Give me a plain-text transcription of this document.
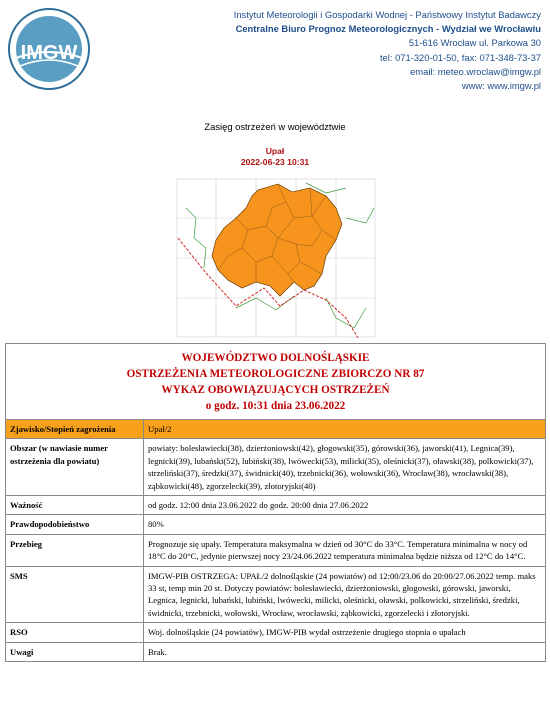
IMGW
Instytut Meteorologii i Gospodarki Wodnej - Państwowy Instytut Badawczy
Centralne Biuro Prognoz Meteorologicznych - Wydział we Wrocławiu
51-616 Wrocław ul. Parkowa 30
tel: 071-320-01-50, fax: 071-348-73-37
email: meteo.wroclaw@imgw.pl
www: www.imgw.pl
Zasięg ostrzeżeń w województwie
Upał
2022-06-23 10:31
WOJEWÓDZTWO DOLNOŚLĄSKIE
OSTRZEŻENIA METEOROLOGICZNE ZBIORCZO NR 87
WYKAZ OBOWIĄZUJĄCYCH OSTRZEŻEŃ
o godz. 10:31 dnia 23.06.2022
Zjawisko/Stopień zagrożenia	Upał/2
Obszar (w nawiasie numer ostrzeżenia dla powiatu)	powiaty: bolesławiecki(38), dzierżoniowski(42), głogowski(35), górowski(36), jaworski(41), Legnica(39), legnicki(39), lubański(52), lubiński(38), lwówecki(53), milicki(35), oleśnicki(37), oławski(38), polkowicki(37), strzeliński(37), średzki(37), świdnicki(40), trzebnicki(36), wołowski(36), Wrocław(38), wrocławski(38), ząbkowicki(48), zgorzelecki(39), złotoryjski(40)
Ważność	od godz. 12:00 dnia 23.06.2022 do godz. 20:00 dnia 27.06.2022
Prawdopodobieństwo	80%
Przebieg	Prognozuje się upały. Temperatura maksymalna w dzień od 30°C do 33°C. Temperatura minimalna w nocy od 18°C do 20°C, jedynie pierwszej nocy 23/24.06.2022 temperatura minimalna będzie niższa od 12°C do 14°C.
SMS	IMGW-PIB OSTRZEGA: UPAŁ/2 dolnośląskie (24 powiatów) od 12:00/23.06 do 20:00/27.06.2022 temp. maks 33 st, temp min 20 st. Dotyczy powiatów: bolesławiecki, dzierżoniowski, głogowski, górowski, jaworski, Legnica, legnicki, lubański, lubiński, lwówecki, milicki, oleśnicki, oławski, polkowicki, strzeliński, średzki, świdnicki, trzebnicki, wołowski, Wrocław, wrocławski, ząbkowicki, zgorzelecki i złotoryjski.
RSO	Woj. dolnośląskie (24 powiatów), IMGW-PIB wydał ostrzeżenie drugiego stopnia o upałach
Uwagi	Brak.
